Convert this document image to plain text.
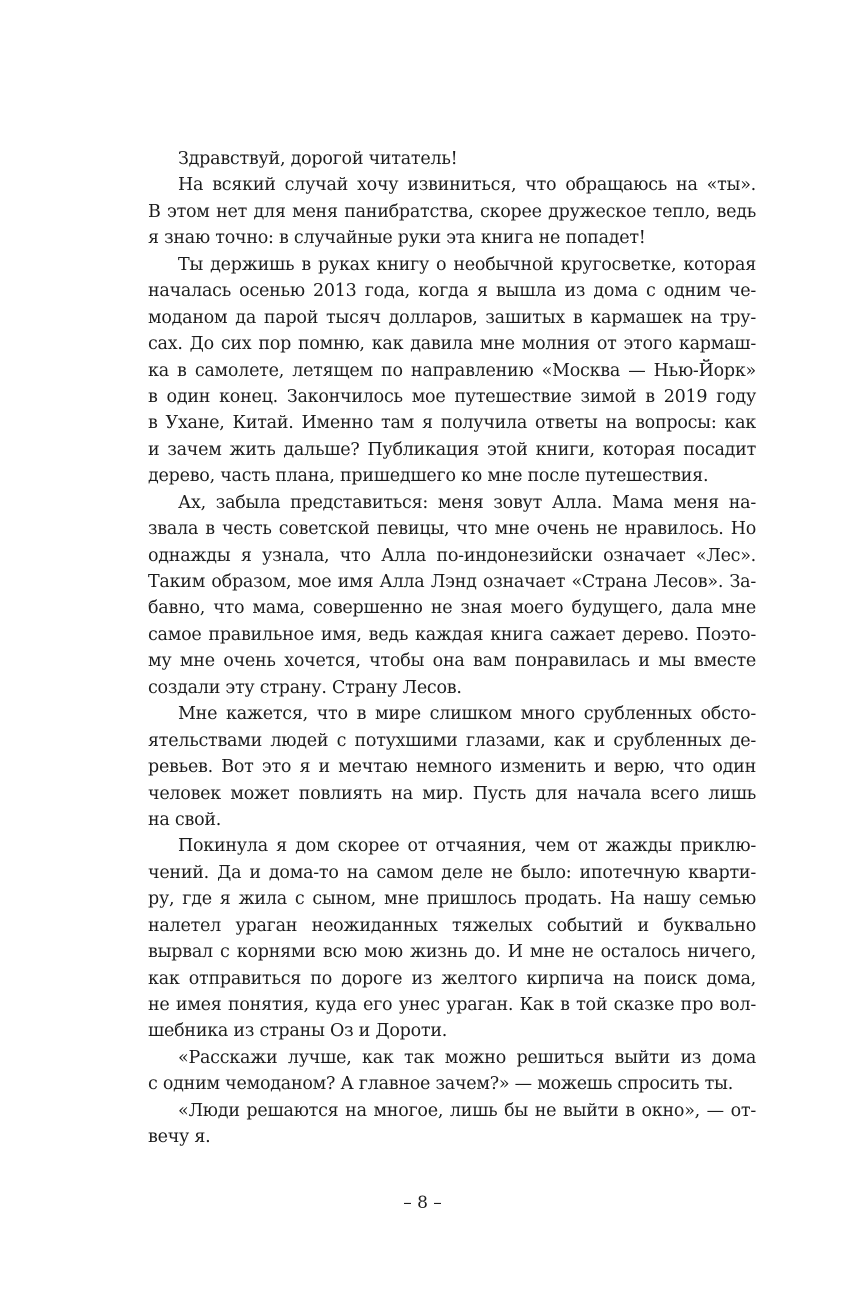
Здравствуй, дорогой читатель!

На всякий случай хочу извиниться, что обращаюсь на «ты».
В этом нет для меня панибратства, скорее дружеское тепло, ведь
я знаю точно: в случайные руки эта книга не попадет!

Ты держишь в руках книгу о необычной кругосветке, которая
началась осенью 2013 года, когда я вышла из дома с одним че-
моданом да парой тысяч долларов, зашитых в кармашек на тру-
сах. До сих пор помню, как давила мне молния от этого кармаш-
ка в самолете, летящем по направлению «Москва — Нью-Йорк»
в один конец. Закончилось мое путешествие зимой в 2019 году
в Ухане, Китай. Именно там я получила ответы на вопросы: как
и зачем жить дальше? Публикация этой книги, которая посадит
дерево, часть плана, пришедшего ко мне после путешествия.

Ах, забыла представиться: меня зовут Алла. Мама меня на-
звала в честь советской певицы, что мне очень не нравилось. Но
однажды я узнала, что Алла по-индонезийски означает «Лес».
Таким образом, мое имя Алла Лэнд означает «Страна Лесов». За-
бавно, что мама, совершенно не зная моего будущего, дала мне
самое правильное имя, ведь каждая книга сажает дерево. Поэто-
му мне очень хочется, чтобы она вам понравилась и мы вместе
создали эту страну. Страну Лесов.

Мне кажется, что в мире слишком много срубленных обсто-
ятельствами людей с потухшими глазами, как и срубленных де-
ревьев. Вот это я и мечтаю немного изменить и верю, что один
человек может повлиять на мир. Пусть для начала всего лишь
на свой.

Покинула я дом скорее от отчаяния, чем от жажды приклю-
чений. Да и дома-то на самом деле не было: ипотечную кварти-
ру, где я жила с сыном, мне пришлось продать. На нашу семью
налетел ураган неожиданных тяжелых событий и буквально
вырвал с корнями всю мою жизнь до. И мне не осталось ничего,
как отправиться по дороге из желтого кирпича на поиск дома,
не имея понятия, куда его унес ураган. Как в той сказке про вол-
шебника из страны Оз и Дороти.

«Расскажи лучше, как так можно решиться выйти из дома
с одним чемоданом? А главное зачем?» — можешь спросить ты.

«Люди решаются на многое, лишь бы не выйти в окно», — от-
вечу я.

– 8 –
